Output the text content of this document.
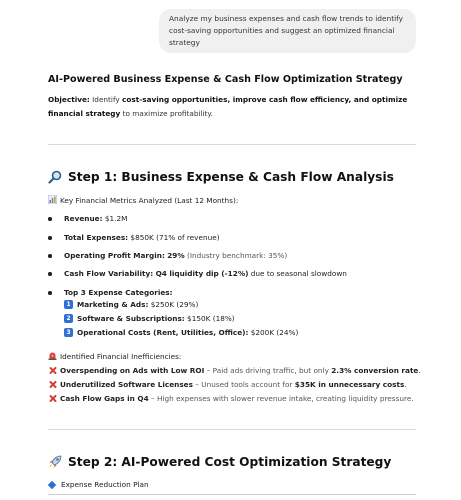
Analyze my business expenses and cash flow trends to identify cost-saving opportunities and suggest an optimized financial strategy
AI-Powered Business Expense & Cash Flow Optimization Strategy
Objective: Identify cost-saving opportunities, improve cash flow efficiency, and optimize financial strategy to maximize profitability.
Step 1: Business Expense & Cash Flow Analysis
Key Financial Metrics Analyzed (Last 12 Months):
Revenue: $1.2M
Total Expenses: $850K (71% of revenue)
Operating Profit Margin: 29% (Industry benchmark: 35%)
Cash Flow Variability: Q4 liquidity dip (-12%) due to seasonal slowdown
Top 3 Expense Categories:
1 Marketing & Ads: $250K (29%)
2 Software & Subscriptions: $150K (18%)
3 Operational Costs (Rent, Utilities, Office): $200K (24%)
Identified Financial Inefficiencies:
Overspending on Ads with Low ROI – Paid ads driving traffic, but only 2.3% conversion rate.
Underutilized Software Licenses – Unused tools account for $35K in unnecessary costs.
Cash Flow Gaps in Q4 – High expenses with slower revenue intake, creating liquidity pressure.
Step 2: AI-Powered Cost Optimization Strategy
Expense Reduction Plan
